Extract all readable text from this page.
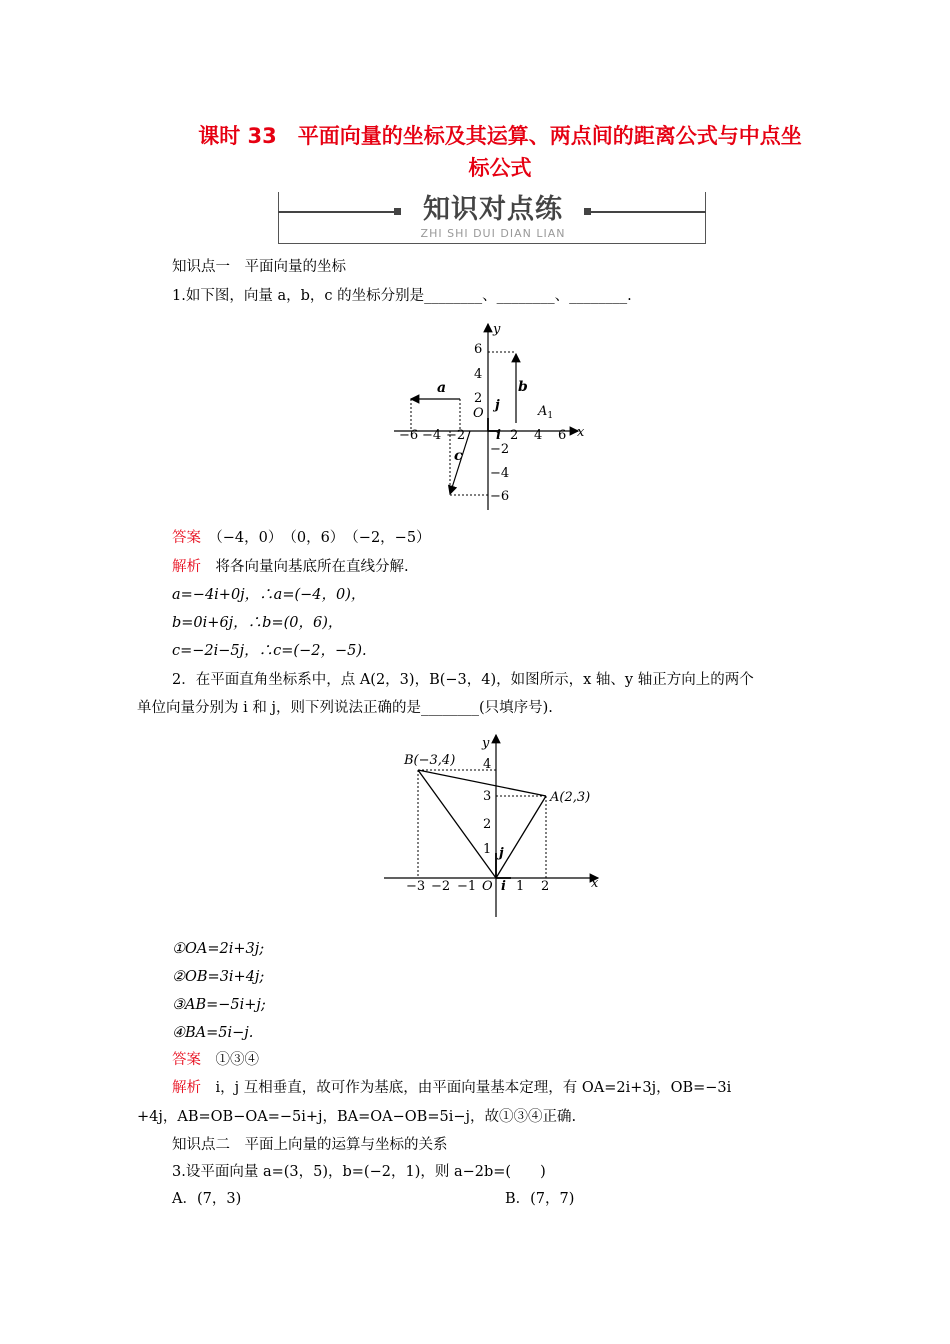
课时 33　平面向量的坐标及其运算、两点间的距离公式与中点坐
标公式
知识对点练
ZHI SHI DUI DIAN LIAN
知识点一　平面向量的坐标
1.如下图，向量 a，b，c 的坐标分别是________、________、________.
y
x
O
6
4
2
−2
−4
−6
−6 −4 −2	2 4 6
a	b
c
j
i
$A_1$
答案　 （−4，0）　（0，6）　（−2，−5）
解析　 将各向量向基底所在直线分解.
a=−4i+0j，∴a=(−4，0)，
b=0i+6j，∴b=(0，6)，
c=−2i−5j，∴c=(−2，−5).
2．在平面直角坐标系中，点 A(2，3)，B(−3，4)，如图所示，x 轴、y 轴正方向上的两个
单位向量分别为 i 和 j，则下列说法正确的是________(只填序号).
y
x
O
4
3
2
1
−3 −2 −1	1 2
j
i
B(−3,4)
A(2,3)
①OA=2i+3j;
②OB=3i+4j;
③AB=−5i+j;
④BA=5i−j.
答案　 ①③④
解析　 i，j 互相垂直，故可作为基底，由平面向量基本定理，有 OA=2i+3j，OB=−3i
+4j，AB=OB−OA=−5i+j，BA=OA−OB=5i−j，故①③④正确.
知识点二　平面上向量的运算与坐标的关系
3.设平面向量 a=(3，5)，b=(−2，1)，则 a−2b=(　　)
A．(7，3)	B．(7，7)
